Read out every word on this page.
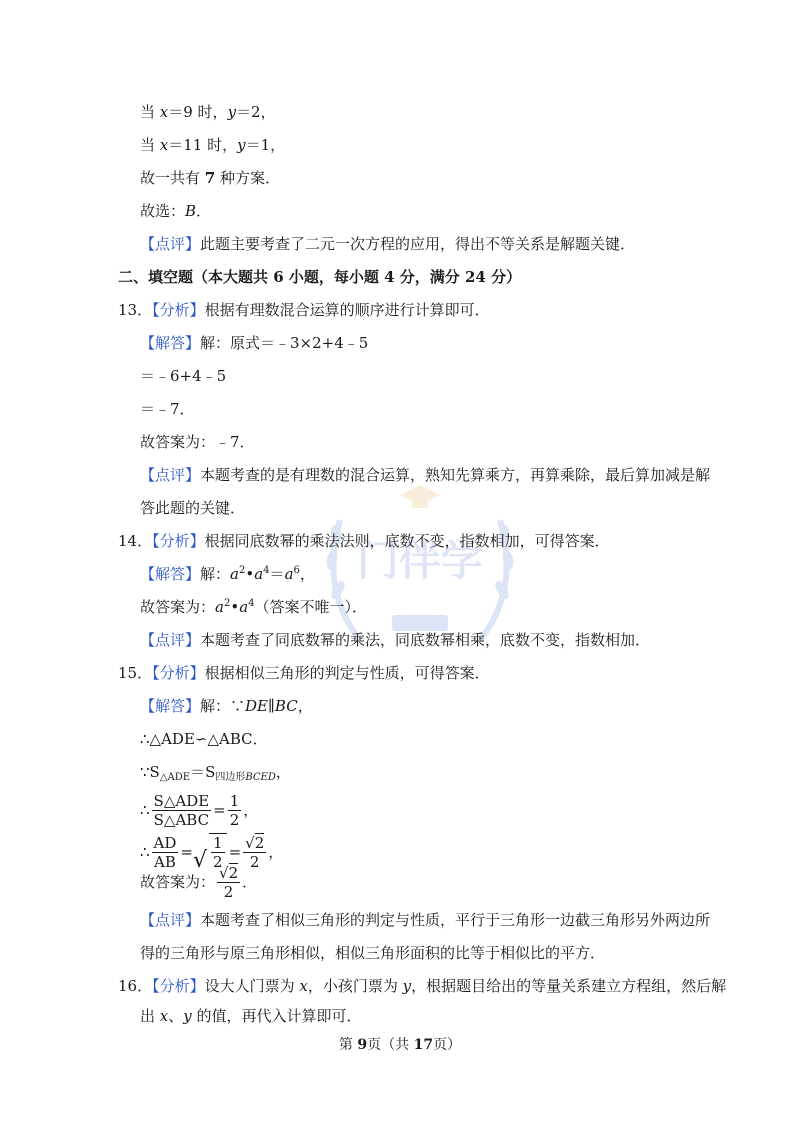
门伴学
当 x＝9 时，y＝2，
当 x＝11 时，y＝1，
故一共有 7 种方案．
故选：B．
【点评】此题主要考查了二元一次方程的应用，得出不等关系是解题关键．
二、填空题（本大题共 6 小题，每小题 4 分，满分 24 分）
13．【分析】根据有理数混合运算的顺序进行计算即可．
【解答】解：原式＝﹣3×2+4﹣5
＝﹣6+4﹣5
＝﹣7．
故答案为：﹣7．
【点评】本题考查的是有理数的混合运算，熟知先算乘方，再算乘除，最后算加减是解
答此题的关键．
14．【分析】根据同底数幂的乘法法则，底数不变，指数相加，可得答案．
【解答】解：$a^2•a^4=a^6$，
故答案为：$a^2•a^4$（答案不唯一）．
【点评】本题考查了同底数幂的乘法，同底数幂相乘，底数不变，指数相加．
15．【分析】根据相似三角形的判定与性质，可得答案．
【解答】解：∵DE∥BC，
∴△ADE∽△ABC．
$\because S_{\triangle ADE}=S_{四边形BCED}$，
∴ $\frac{\text{S△ADE}}{\text{S△ABC}} = \frac{1}{2}$ ，
∴ $\frac{AD}{AB}$ = √ $\frac{1}{2} = \frac{√2}{2}$ ，
故答案为： $\frac{√2}{2}$ ．
【点评】本题考查了相似三角形的判定与性质，平行于三角形一边截三角形另外两边所
得的三角形与原三角形相似，相似三角形面积的比等于相似比的平方．
16．【分析】设大人门票为 x，小孩门票为 y，根据题目给出的等量关系建立方程组，然后解
出 x、y 的值，再代入计算即可．
第 9页（共 17页）
